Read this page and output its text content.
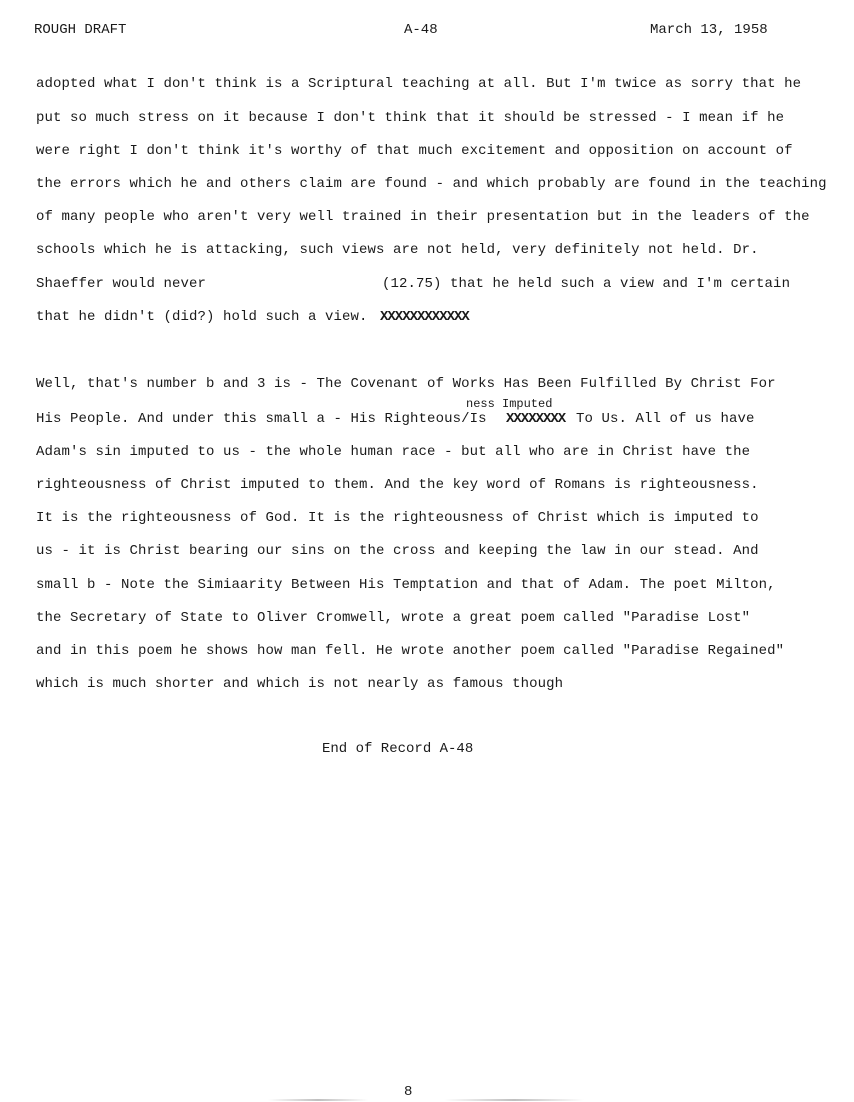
ROUGH DRAFT	A-48	March 13, 1958
adopted what I don't think is a Scriptural teaching at all. But I'm twice as sorry that he
put so much stress on it because I don't think that it should be stressed - I mean if he
were right I don't think it's worthy of that much excitement and opposition on account of
the errors which he and others claim are found - and which probably are found in the teaching
of many people who aren't very well trained in their presentation but in the leaders of the
schools which he is attacking, such views are not held, very definitely not held. Dr.
Shaeffer would never	(12.75) that he held such a view and I'm certain
that he didn't (did?) hold such a view. XXXXXXXXXXXX
Well, that's number b and 3 is - The Covenant of Works Has Been Fulfilled By Christ For
ness Imputed
His People. And under this small a - His Righteous/Is XXXXXXXX To Us. All of us have
Adam's sin imputed to us - the whole human race - but all who are in Christ have the
righteousness of Christ imputed to them. And the key word of Romans is righteousness.
It is the righteousness of God. It is the righteousness of Christ which is imputed to
us - it is Christ bearing our sins on the cross and keeping the law in our stead. And
small b - Note the Simiaarity Between His Temptation and that of Adam. The poet Milton,
the Secretary of State to Oliver Cromwell, wrote a great poem called "Paradise Lost"
and in this poem he shows how man fell. He wrote another poem called "Paradise Regained"
which is much shorter and which is not nearly as famous though
End of Record A-48
8
